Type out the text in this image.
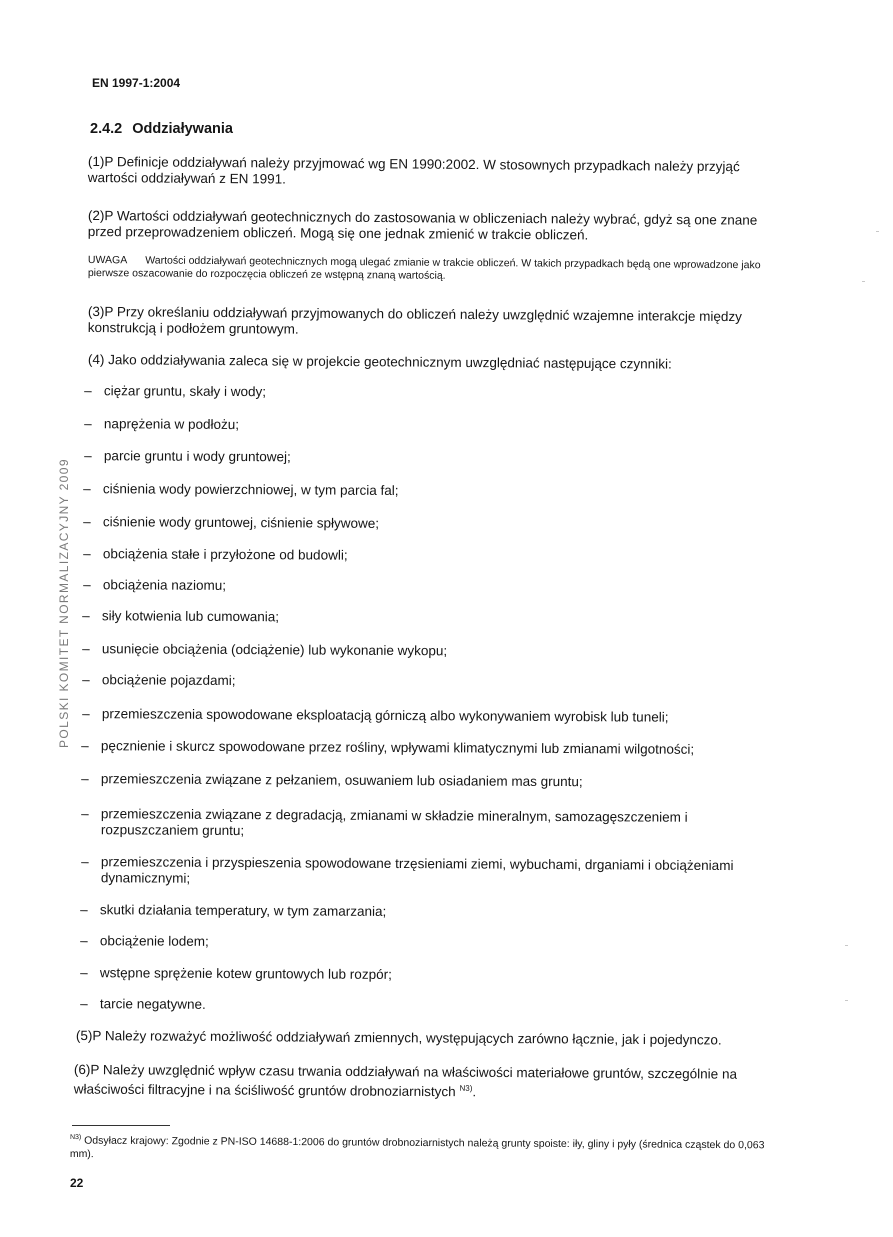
EN 1997-1:2004
2.4.2 Oddziaływania
(1)P Definicje oddziaływań należy przyjmować wg EN 1990:2002. W stosownych przypadkach należy przyjąć wartości oddziaływań z EN 1991.
(2)P Wartości oddziaływań geotechnicznych do zastosowania w obliczeniach należy wybrać, gdyż są one znane przed przeprowadzeniem obliczeń. Mogą się one jednak zmienić w trakcie obliczeń.
UWAGA Wartości oddziaływań geotechnicznych mogą ulegać zmianie w trakcie obliczeń. W takich przypadkach będą one wprowadzone jako pierwsze oszacowanie do rozpoczęcia obliczeń ze wstępną znaną wartością.
(3)P Przy określaniu oddziaływań przyjmowanych do obliczeń należy uwzględnić wzajemne interakcje między konstrukcją i podłożem gruntowym.
(4) Jako oddziaływania zaleca się w projekcie geotechnicznym uwzględniać następujące czynniki:
– ciężar gruntu, skały i wody;
– naprężenia w podłożu;
– parcie gruntu i wody gruntowej;
– ciśnienia wody powierzchniowej, w tym parcia fal;
– ciśnienie wody gruntowej, ciśnienie spływowe;
– obciążenia stałe i przyłożone od budowli;
– obciążenia naziomu;
– siły kotwienia lub cumowania;
– usunięcie obciążenia (odciążenie) lub wykonanie wykopu;
– obciążenie pojazdami;
– przemieszczenia spowodowane eksploatacją górniczą albo wykonywaniem wyrobisk lub tuneli;
– pęcznienie i skurcz spowodowane przez rośliny, wpływami klimatycznymi lub zmianami wilgotności;
– przemieszczenia związane z pełzaniem, osuwaniem lub osiadaniem mas gruntu;
– przemieszczenia związane z degradacją, zmianami w składzie mineralnym, samozagęszczeniem i rozpuszczaniem gruntu;
– przemieszczenia i przyspieszenia spowodowane trzęsieniami ziemi, wybuchami, drganiami i obciążeniami dynamicznymi;
– skutki działania temperatury, w tym zamarzania;
– obciążenie lodem;
– wstępne sprężenie kotew gruntowych lub rozpór;
– tarcie negatywne.
(5)P Należy rozważyć możliwość oddziaływań zmiennych, występujących zarówno łącznie, jak i pojedynczo.
(6)P Należy uwzględnić wpływ czasu trwania oddziaływań na właściwości materiałowe gruntów, szczególnie na właściwości filtracyjne i na ściśliwość gruntów drobnoziarnistych $^{N3)}$.
POLSKI KOMITET NORMALIZACYJNY 2009
$^{N3)}$ Odsyłacz krajowy: Zgodnie z PN-ISO 14688-1:2006 do gruntów drobnoziarnistych należą grunty spoiste: iły, gliny i pyły (średnica cząstek do 0,063 mm).
22
